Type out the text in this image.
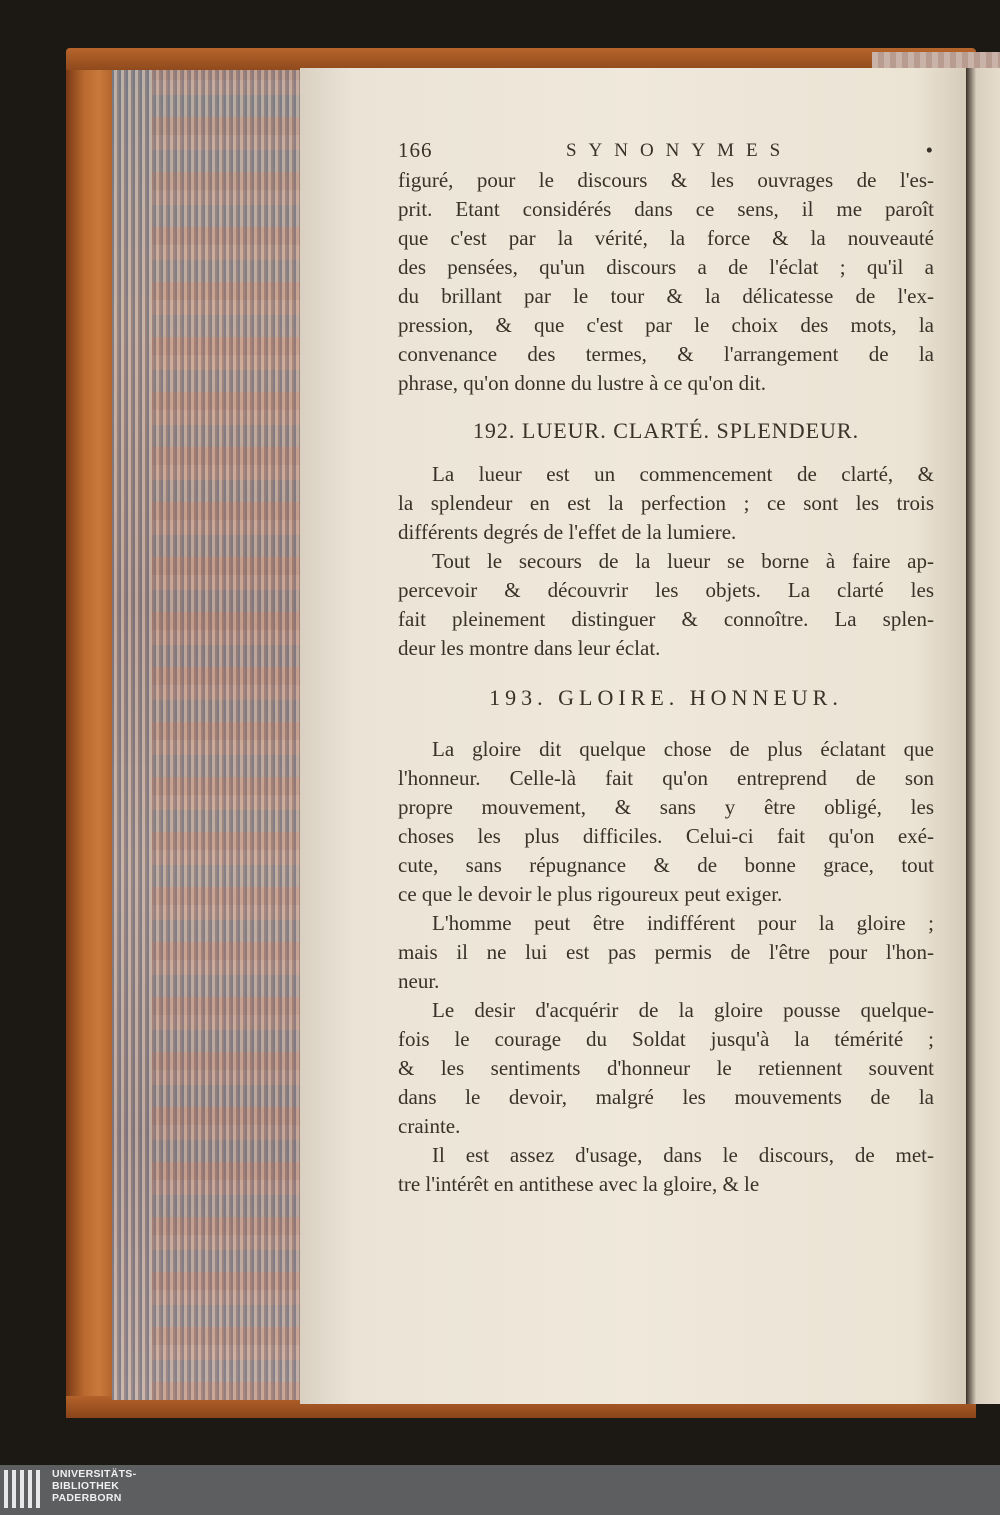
166	SYNONYMES	•
figuré, pour le discours & les ouvrages de l'es-
prit. Etant considérés dans ce sens, il me paroît
que c'est par la vérité, la force & la nouveauté
des pensées, qu'un discours a de l'éclat ; qu'il a
du brillant par le tour & la délicatesse de l'ex-
pression, & que c'est par le choix des mots, la
convenance des termes, & l'arrangement de la
phrase, qu'on donne du lustre à ce qu'on dit.
192. LUEUR. CLARTÉ. SPLENDEUR.
La lueur est un commencement de clarté, &
la splendeur en est la perfection ; ce sont les trois
différents degrés de l'effet de la lumiere.
Tout le secours de la lueur se borne à faire ap-
percevoir & découvrir les objets. La clarté les
fait pleinement distinguer & connoître. La splen-
deur les montre dans leur éclat.
193. GLOIRE. HONNEUR.
La gloire dit quelque chose de plus éclatant que
l'honneur. Celle-là fait qu'on entreprend de son
propre mouvement, & sans y être obligé, les
choses les plus difficiles. Celui-ci fait qu'on exé-
cute, sans répugnance & de bonne grace, tout
ce que le devoir le plus rigoureux peut exiger.
L'homme peut être indifférent pour la gloire ;
mais il ne lui est pas permis de l'être pour l'hon-
neur.
Le desir d'acquérir de la gloire pousse quelque-
fois le courage du Soldat jusqu'à la témérité ;
& les sentiments d'honneur le retiennent souvent
dans le devoir, malgré les mouvements de la
crainte.
Il est assez d'usage, dans le discours, de met-
tre l'intérêt en antithese avec la gloire, & le
UNIVERSITÄTS-
BIBLIOTHEK
PADERBORN
